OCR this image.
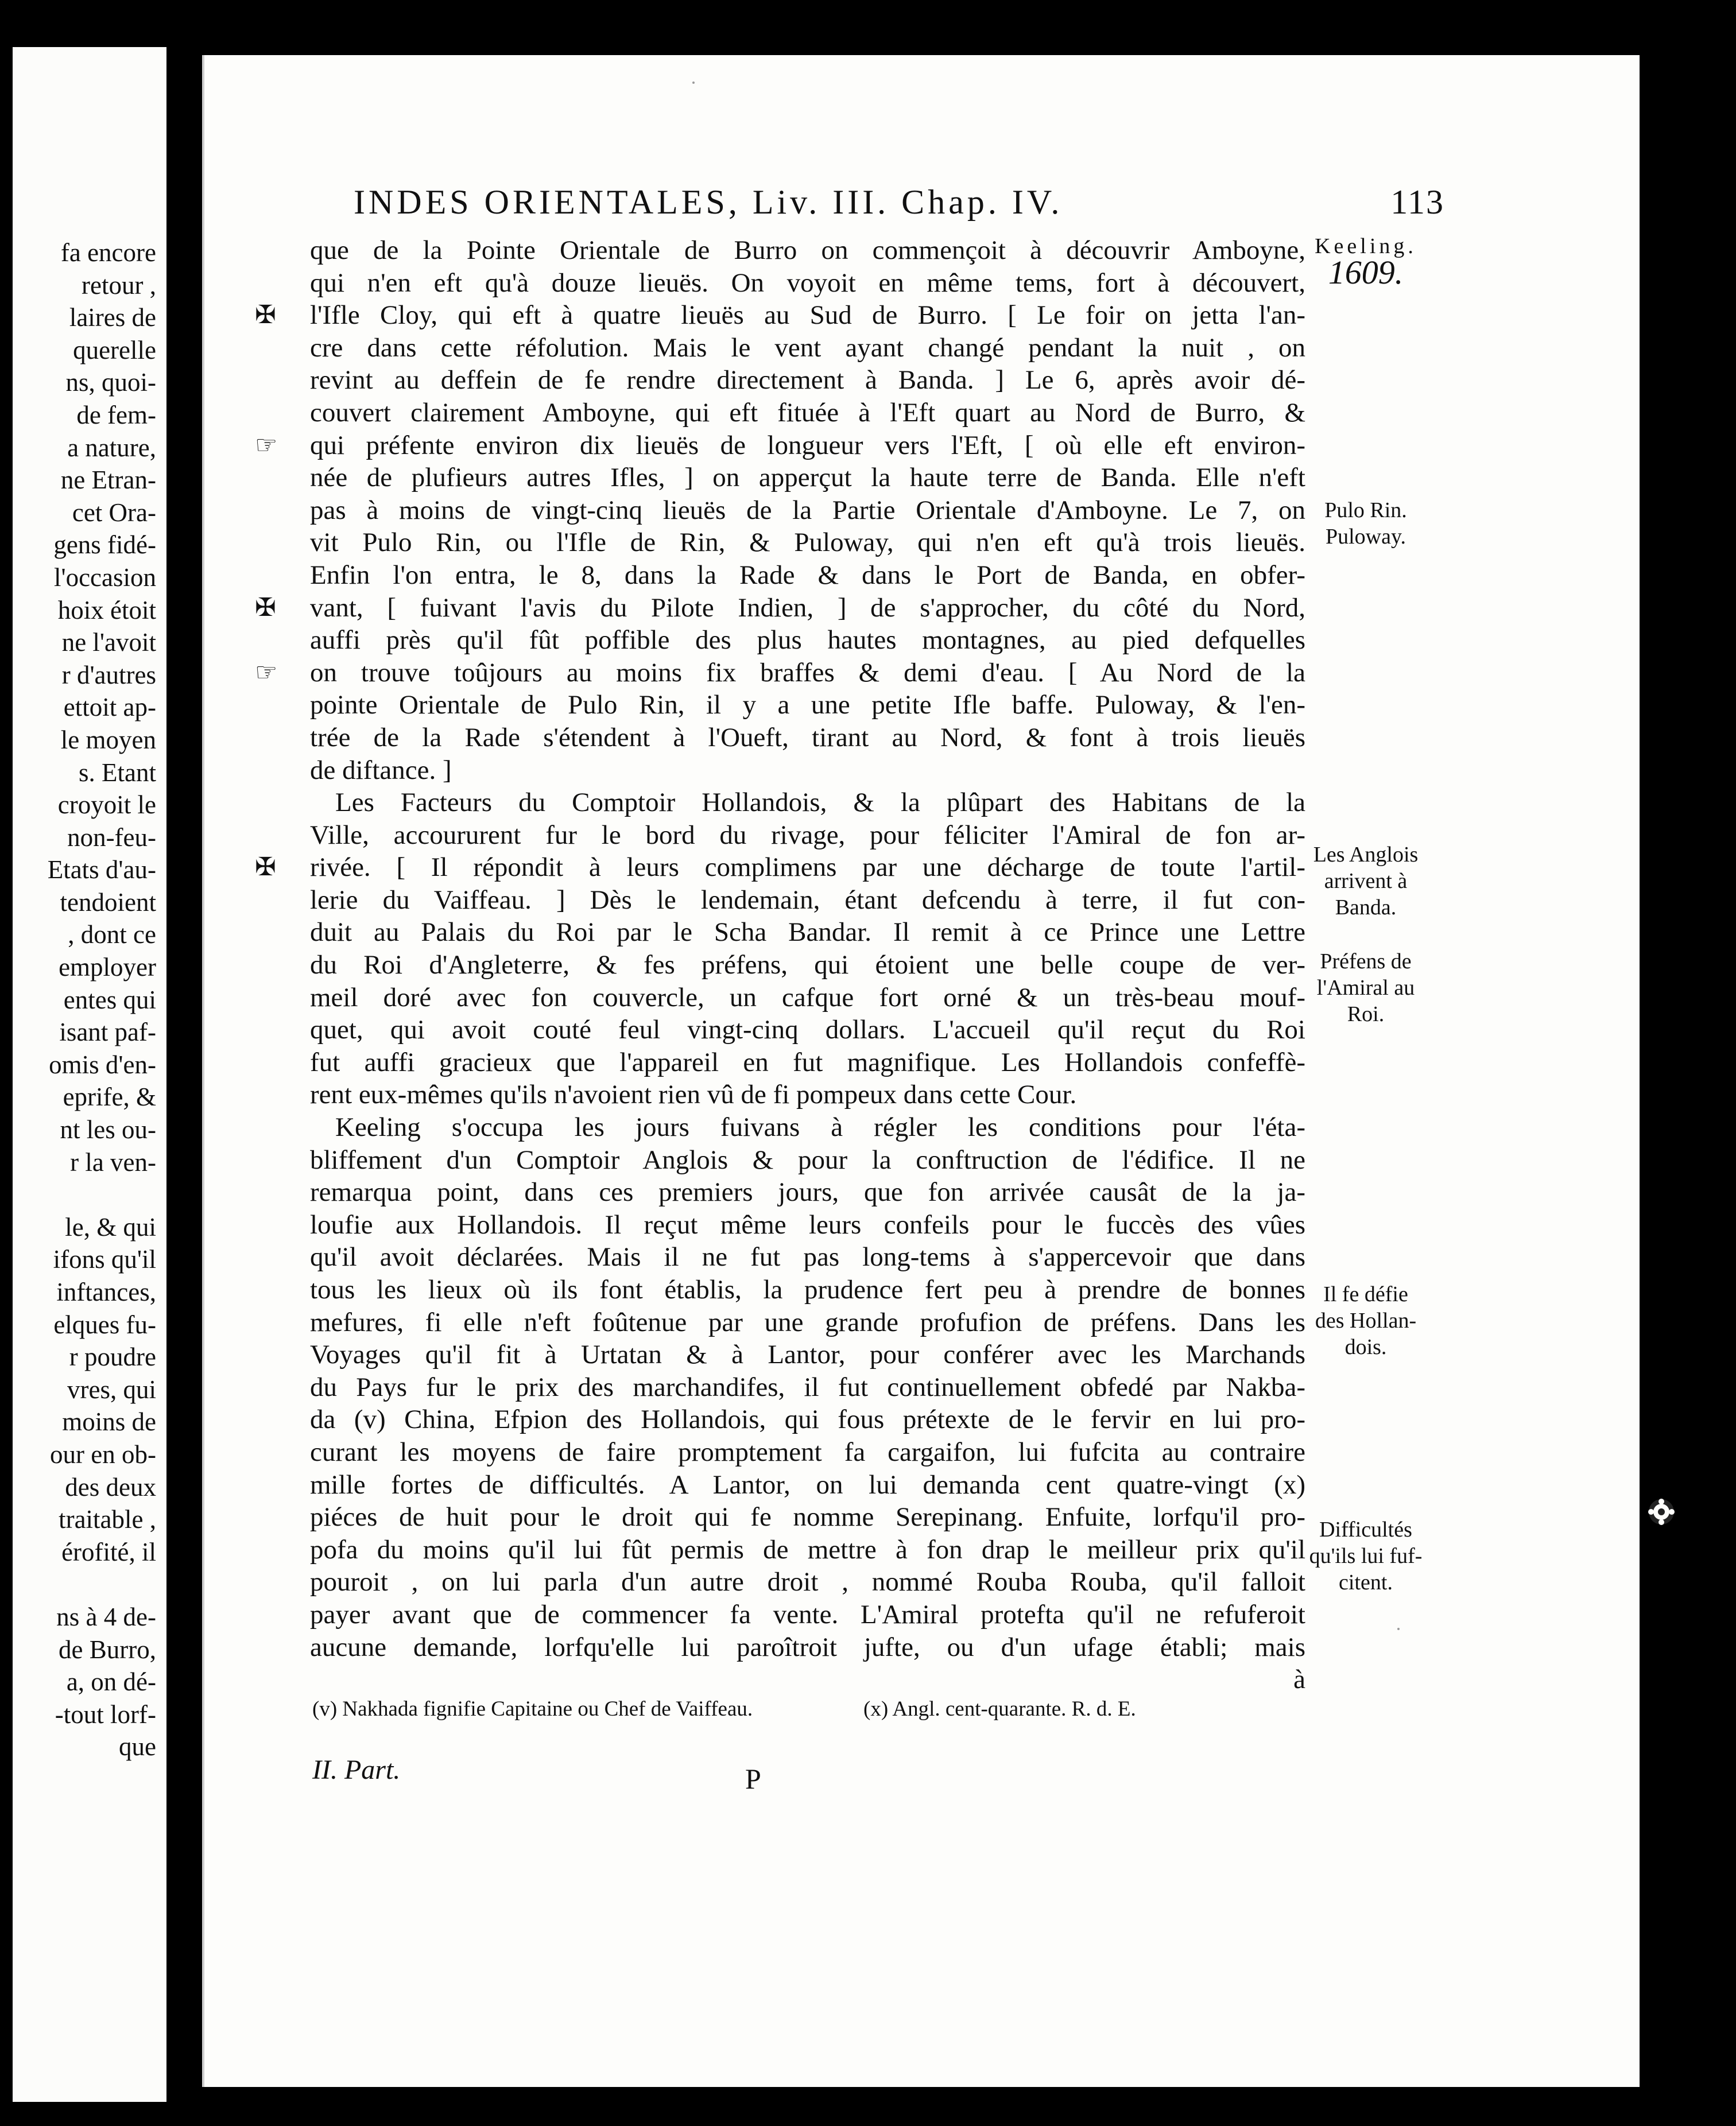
fa encore
retour ,
laires de
querelle
ns, quoi-
de fem-
a nature,
ne Etran-
cet Ora-
gens fidé-
l'occasion
hoix étoit
ne l'avoit
r d'autres
ettoit ap-
le moyen
s. Etant
croyoit le
non-feu-
Etats d'au-
tendoient
, dont ce
employer
entes qui
isant paf-
omis d'en-
eprife, &
nt les ou-
r la ven-
le, & qui
ifons qu'il
inftances,
elques fu-
r poudre
vres, qui
moins de
our en ob-
des deux
traitable ,
érofité, il
ns à 4 de-
de Burro,
a, on dé-
-tout lorf-
que
INDES ORIENTALES, Liv. III. Chap. IV.	113
que de la Pointe Orientale de Burro on commençoit à découvrir Amboyne,
qui n'en eft qu'à douze lieuës. On voyoit en même tems, fort à découvert,
✠ l'Ifle Cloy, qui eft à quatre lieuës au Sud de Burro. [ Le foir on jetta l'an-
cre dans cette réfolution. Mais le vent ayant changé pendant la nuit , on
revint au deffein de fe rendre directement à Banda. ] Le 6, après avoir dé-
couvert clairement Amboyne, qui eft fituée à l'Eft quart au Nord de Burro, &
☞ qui préfente environ dix lieuës de longueur vers l'Eft, [ où elle eft environ-
née de plufieurs autres Ifles, ] on apperçut la haute terre de Banda. Elle n'eft
pas à moins de vingt-cinq lieuës de la Partie Orientale d'Amboyne. Le 7, on
vit Pulo Rin, ou l'Ifle de Rin, & Puloway, qui n'en eft qu'à trois lieuës.
Enfin l'on entra, le 8, dans la Rade & dans le Port de Banda, en obfer-
✠ vant, [ fuivant l'avis du Pilote Indien, ] de s'approcher, du côté du Nord,
auffi près qu'il fût poffible des plus hautes montagnes, au pied defquelles
☞ on trouve toûjours au moins fix braffes & demi d'eau. [ Au Nord de la
pointe Orientale de Pulo Rin, il y a une petite Ifle baffe. Puloway, & l'en-
trée de la Rade s'étendent à l'Oueft, tirant au Nord, & font à trois lieuës
de diftance. ]
Les Facteurs du Comptoir Hollandois, & la plûpart des Habitans de la
Ville, accoururent fur le bord du rivage, pour féliciter l'Amiral de fon ar-
✠ rivée. [ Il répondit à leurs complimens par une décharge de toute l'artil-
lerie du Vaiffeau. ] Dès le lendemain, étant defcendu à terre, il fut con-
duit au Palais du Roi par le Scha Bandar. Il remit à ce Prince une Lettre
du Roi d'Angleterre, & fes préfens, qui étoient une belle coupe de ver-
meil doré avec fon couvercle, un cafque fort orné & un très-beau mouf-
quet, qui avoit couté feul vingt-cinq dollars. L'accueil qu'il reçut du Roi
fut auffi gracieux que l'appareil en fut magnifique. Les Hollandois confeffè-
rent eux-mêmes qu'ils n'avoient rien vû de fi pompeux dans cette Cour.
Keeling s'occupa les jours fuivans à régler les conditions pour l'éta-
bliffement d'un Comptoir Anglois & pour la conftruction de l'édifice. Il ne
remarqua point, dans ces premiers jours, que fon arrivée causât de la ja-
loufie aux Hollandois. Il reçut même leurs confeils pour le fuccès des vûes
qu'il avoit déclarées. Mais il ne fut pas long-tems à s'appercevoir que dans
tous les lieux où ils font établis, la prudence fert peu à prendre de bonnes
mefures, fi elle n'eft foûtenue par une grande profufion de préfens. Dans les
Voyages qu'il fit à Urtatan & à Lantor, pour conférer avec les Marchands
du Pays fur le prix des marchandifes, il fut continuellement obfedé par Nakba-
da (v) China, Efpion des Hollandois, qui fous prétexte de le fervir en lui pro-
curant les moyens de faire promptement fa cargaifon, lui fufcita au contraire
mille fortes de difficultés. A Lantor, on lui demanda cent quatre-vingt (x)
piéces de huit pour le droit qui fe nomme Serepinang. Enfuite, lorfqu'il pro-
pofa du moins qu'il lui fût permis de mettre à fon drap le meilleur prix qu'il
pouroit , on lui parla d'un autre droit , nommé Rouba Rouba, qu'il falloit
payer avant que de commencer fa vente. L'Amiral protefta qu'il ne refuferoit
aucune demande, lorfqu'elle lui paroîtroit jufte, ou d'un ufage établi; mais
à
Keeling.
1609.
Pulo Rin.
Puloway.
Les Anglois
arrivent à
Banda.
Préfens de
l'Amiral au
Roi.
Il fe défie
des Hollan-
dois.
Difficultés
qu'ils lui fuf-
citent.
(v) Nakhada fignifie Capitaine ou Chef de Vaiffeau.	(x) Angl. cent-quarante. R. d. E.
II. Part.	P
